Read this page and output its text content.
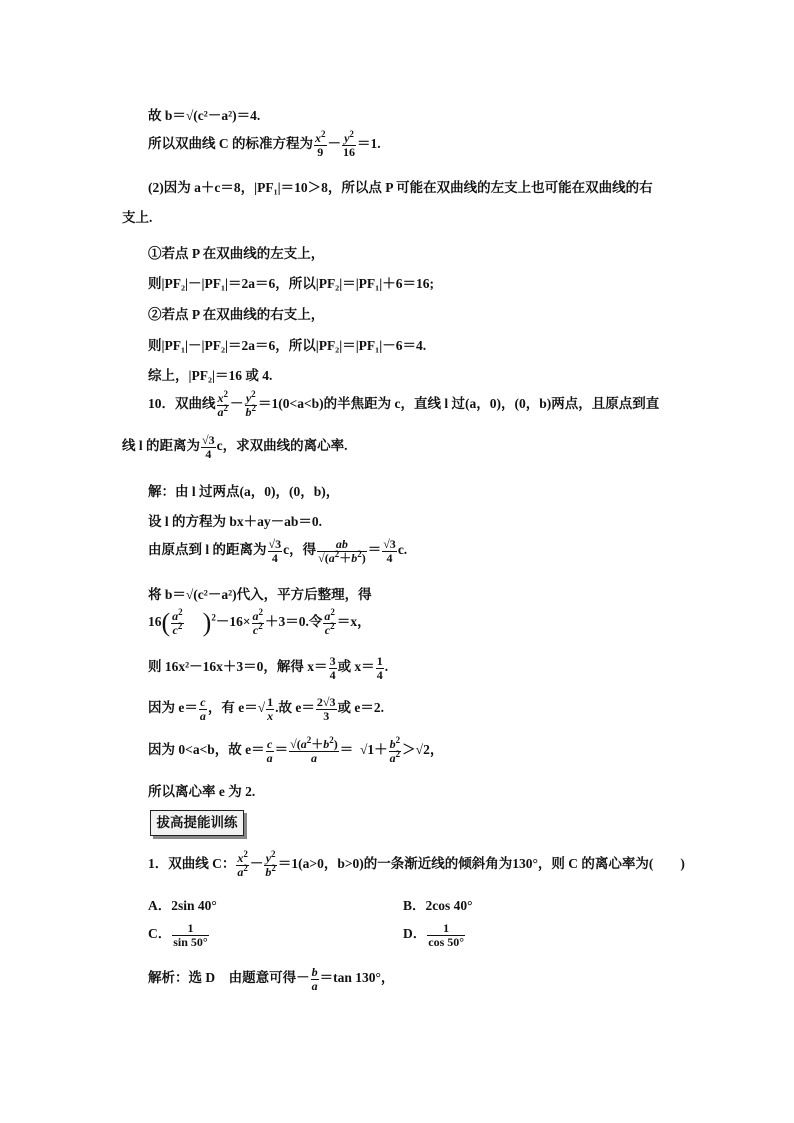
故 b＝√(c²－a²)＝4.
所以双曲线 C 的标准方程为 $\frac{x^2}{9} - \frac{y^2}{16} =1$.
(2)因为 a＋c＝8，|PF₁|＝10＞8，所以点 P 可能在双曲线的左支上也可能在双曲线的右
支上.
①若点 P 在双曲线的左支上，
则|PF₂|－|PF₁|＝2a＝6，所以|PF₂|＝|PF₁|＋6＝16;
②若点 P 在双曲线的右支上，
则|PF₁|－|PF₂|＝2a＝6，所以|PF₂|＝|PF₁|－6＝4.
综上，|PF₂|＝16 或 4.
10．双曲线 $\frac{x^2}{a^2} - \frac{y^2}{b^2} =1(0<a<b)$的半焦距为 c，直线 l 过(a，0)，(0，b)两点，且原点到直
线 l 的距离为 $\frac{√3}{4}$ c，求双曲线的离心率.
解：由 l 过两点(a，0)，(0，b)，
设 l 的方程为 bx＋ay－ab＝0.
由原点到 l 的距离为 $\frac{√3}{4}$ c，得 $\frac{ab}{√(a^2+b^2)} = \frac{√3}{4} c$.
将 b＝√(c²－a²)代入，平方后整理，得
$16( \frac{a^2}{c^2} )^2-16\times \frac{a^2}{c^2} +3=0$.令 $\frac{a^2}{c^2} =x$，
则 16x²－16x＋3＝0，解得 $x= \frac{3}{4}$ 或 $x= \frac{1}{4}$ .
因为 $e= \frac{c}{a}$ ，有 $e=√ \frac{1}{x}$ .故 $e= \frac{2√3}{3}$ 或 e＝2.
因为 0<a<b，故 $e= \frac{c}{a} = \frac{√(a^2+b^2)}{a} = √1+ \frac{b^2}{a^2} >√2$，
所以离心率 e 为 2.
拔高提能训练
1．双曲线 C： $\frac{x^2}{a^2} - \frac{y^2}{b^2} =1(a>0$，b>0)的一条渐近线的倾斜角为130°，则 C 的离心率为(　　)
A．2sin 40°	B．2cos 40°
C． $\frac{1}{\sin 50^\circ}$	D． $\frac{1}{\cos 50^\circ}$
解析：选 D　由题意可得－ $\frac{b}{a} =\tan$ 130°，
